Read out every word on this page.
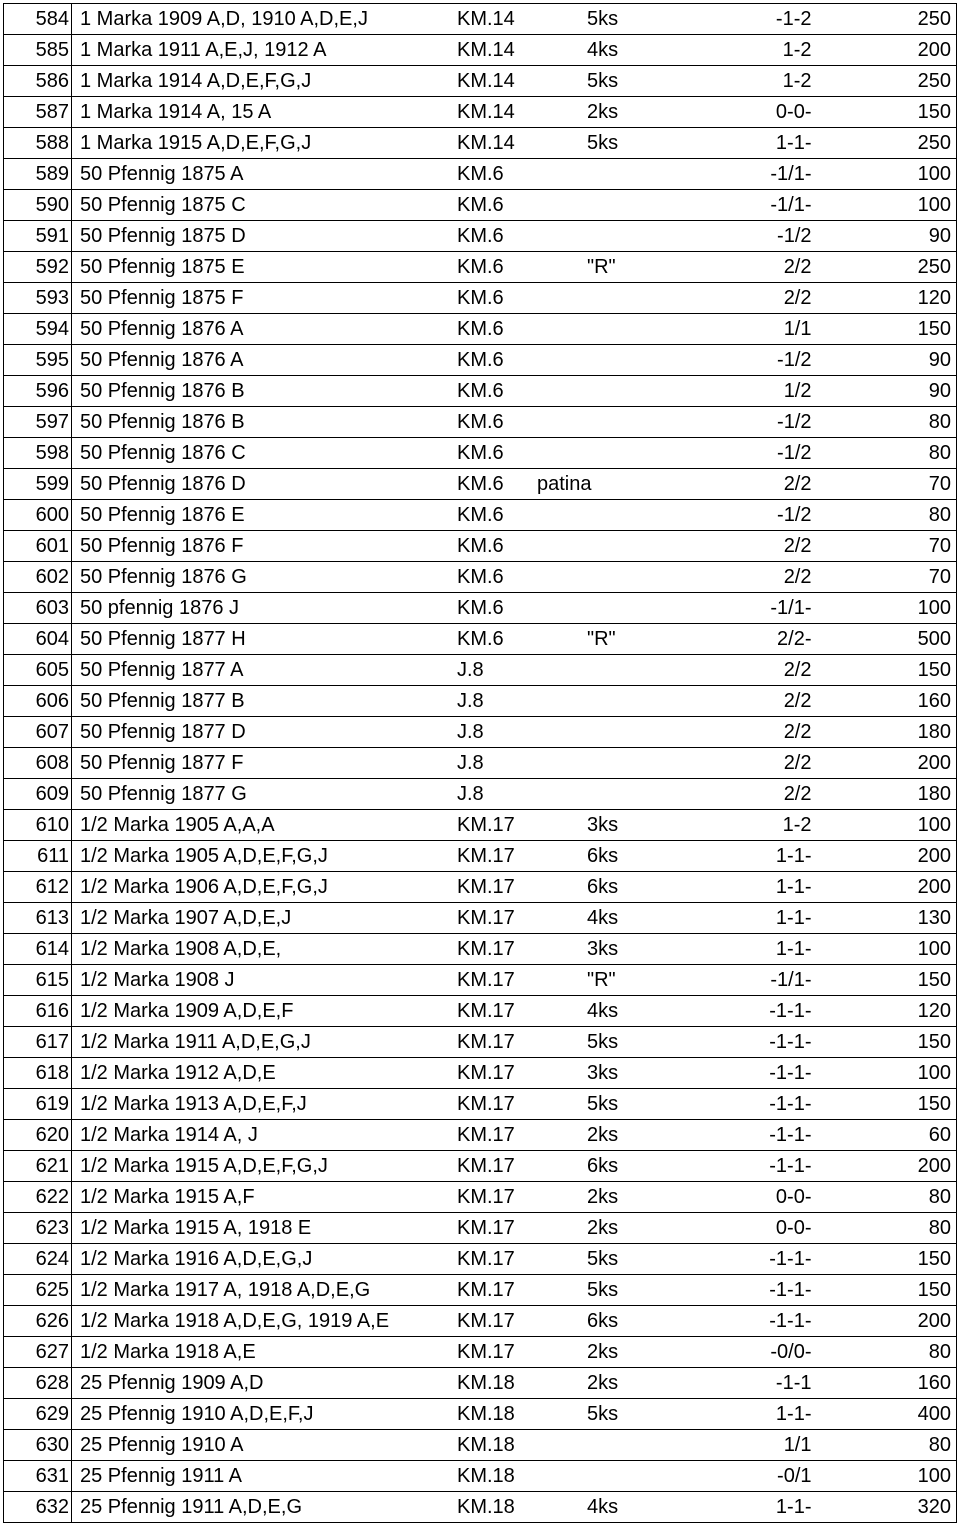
584	1 Marka 1909 A,D, 1910 A,D,E,J KM.14 5ks -1-2	250
585	1 Marka 1911 A,E,J, 1912 A KM.14 4ks 1-2	200
586	1 Marka 1914 A,D,E,F,G,J KM.14 5ks 1-2	250
587	1 Marka 1914 A, 15 A KM.14 2ks 0-0-	150
588	1 Marka 1915 A,D,E,F,G,J KM.14 5ks 1-1-	250
589	50 Pfennig 1875 A KM.6 -1/1-	100
590	50 Pfennig 1875 C KM.6 -1/1-	100
591	50 Pfennig 1875 D KM.6 -1/2	90
592	50 Pfennig 1875 E KM.6 "R" 2/2	250
593	50 Pfennig 1875 F KM.6 2/2	120
594	50 Pfennig 1876 A KM.6 1/1	150
595	50 Pfennig 1876 A KM.6 -1/2	90
596	50 Pfennig 1876 B KM.6 1/2	90
597	50 Pfennig 1876 B KM.6 -1/2	80
598	50 Pfennig 1876 C KM.6 -1/2	80
599	50 Pfennig 1876 D KM.6 patina 2/2	70
600	50 Pfennig 1876 E KM.6 -1/2	80
601	50 Pfennig 1876 F KM.6 2/2	70
602	50 Pfennig 1876 G KM.6 2/2	70
603	50 pfennig 1876 J KM.6 -1/1-	100
604	50 Pfennig 1877 H KM.6 "R" 2/2-	500
605	50 Pfennig 1877 A J.8 2/2	150
606	50 Pfennig 1877 B J.8 2/2	160
607	50 Pfennig 1877 D J.8 2/2	180
608	50 Pfennig 1877 F J.8 2/2	200
609	50 Pfennig 1877 G J.8 2/2	180
610	1/2 Marka 1905 A,A,A KM.17 3ks 1-2	100
611	1/2 Marka 1905 A,D,E,F,G,J KM.17 6ks 1-1-	200
612	1/2 Marka 1906 A,D,E,F,G,J KM.17 6ks 1-1-	200
613	1/2 Marka 1907 A,D,E,J KM.17 4ks 1-1-	130
614	1/2 Marka 1908 A,D,E, KM.17 3ks 1-1-	100
615	1/2 Marka 1908 J KM.17 "R" -1/1-	150
616	1/2 Marka 1909 A,D,E,F KM.17 4ks -1-1-	120
617	1/2 Marka 1911 A,D,E,G,J KM.17 5ks -1-1-	150
618	1/2 Marka 1912 A,D,E KM.17 3ks -1-1-	100
619	1/2 Marka 1913 A,D,E,F,J KM.17 5ks -1-1-	150
620	1/2 Marka 1914 A, J KM.17 2ks -1-1-	60
621	1/2 Marka 1915 A,D,E,F,G,J KM.17 6ks -1-1-	200
622	1/2 Marka 1915 A,F KM.17 2ks 0-0-	80
623	1/2 Marka 1915 A, 1918 E KM.17 2ks 0-0-	80
624	1/2 Marka 1916 A,D,E,G,J KM.17 5ks -1-1-	150
625	1/2 Marka 1917 A, 1918 A,D,E,G KM.17 5ks -1-1-	150
626	1/2 Marka 1918 A,D,E,G, 1919 A,E KM.17 6ks -1-1-	200
627	1/2 Marka 1918 A,E KM.17 2ks -0/0-	80
628	25 Pfennig 1909 A,D KM.18 2ks -1-1	160
629	25 Pfennig 1910 A,D,E,F,J KM.18 5ks 1-1-	400
630	25 Pfennig 1910 A KM.18 1/1	80
631	25 Pfennig 1911 A KM.18 -0/1	100
632	25 Pfennig 1911 A,D,E,G KM.18 4ks 1-1-	320
